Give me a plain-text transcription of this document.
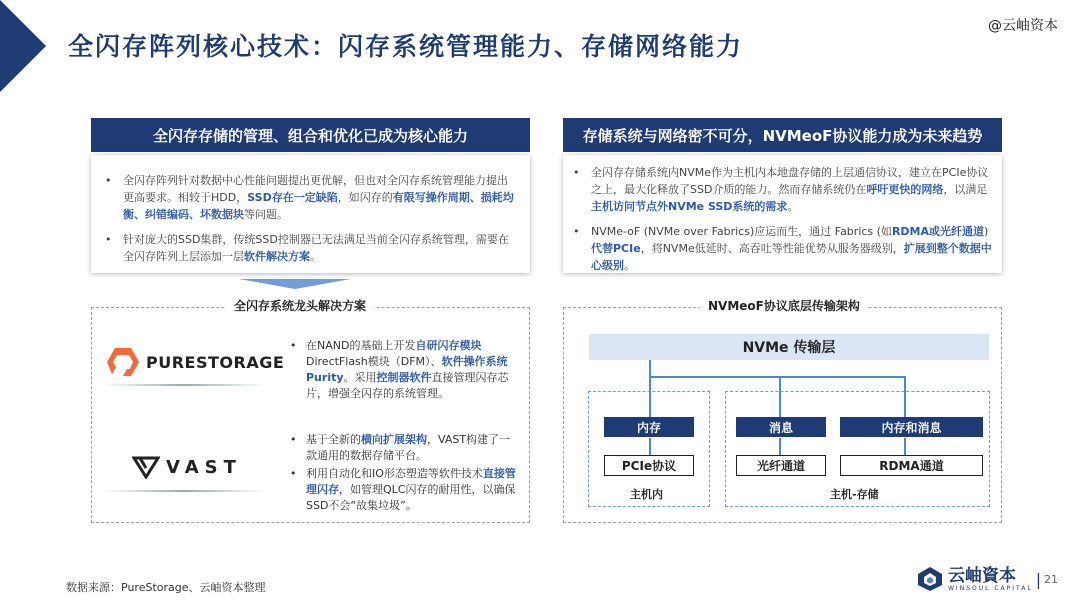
全闪存阵列核心技术：闪存系统管理能力、存储网络能力
@云岫资本
全闪存存储的管理、组合和优化已成为核心能力
• 全闪存阵列针对数据中心性能问题提出更优解，但也对全闪存系统管理能力提出更高要求。相较于HDD，SSD存在一定缺陷，如闪存的有限写操作周期、损耗均衡、纠错编码、坏数据块等问题。
• 针对庞大的SSD集群，传统SSD控制器已无法满足当前全闪存系统管理，需要在全闪存阵列上层添加一层软件解决方案。
存储系统与网络密不可分，NVMeoF协议能力成为未来趋势
• 全闪存存储系统内NVMe作为主机内本地盘存储的上层通信协议，建立在PCIe协议之上，最大化释放了SSD介质的能力。然而存储系统仍在呼吁更快的网络，以满足主机访问节点外NVMe SSD系统的需求。
• NVMe-oF (NVMe over Fabrics)应运而生，通过 Fabrics (如RDMA或光纤通道) 代替PCIe，将NVMe低延时、高吞吐等性能优势从服务器级别，扩展到整个数据中心级别。
全闪存系统龙头解决方案
PURESTORAGE
VAST
• 在NAND的基础上开发自研闪存模块DirectFlash模块（DFM）、软件操作系统Purity。采用控制器软件直接管理闪存芯片，增强全闪存的系统管理。
• 基于全新的横向扩展架构，VAST构建了一款通用的数据存储平台。
• 利用自动化和IO形态塑造等软件技术直接管理闪存，如管理QLC闪存的耐用性，以确保SSD不会“故集垃圾”。
NVMeoF协议底层传输架构
NVMe 传输层
内存	消息	内存和消息
PCIe协议	光纤通道	RDMA通道
主机内	主机-存储
数据来源：PureStorage、云岫资本整理
云岫資本
WINSOUL CAPITAL | 21
